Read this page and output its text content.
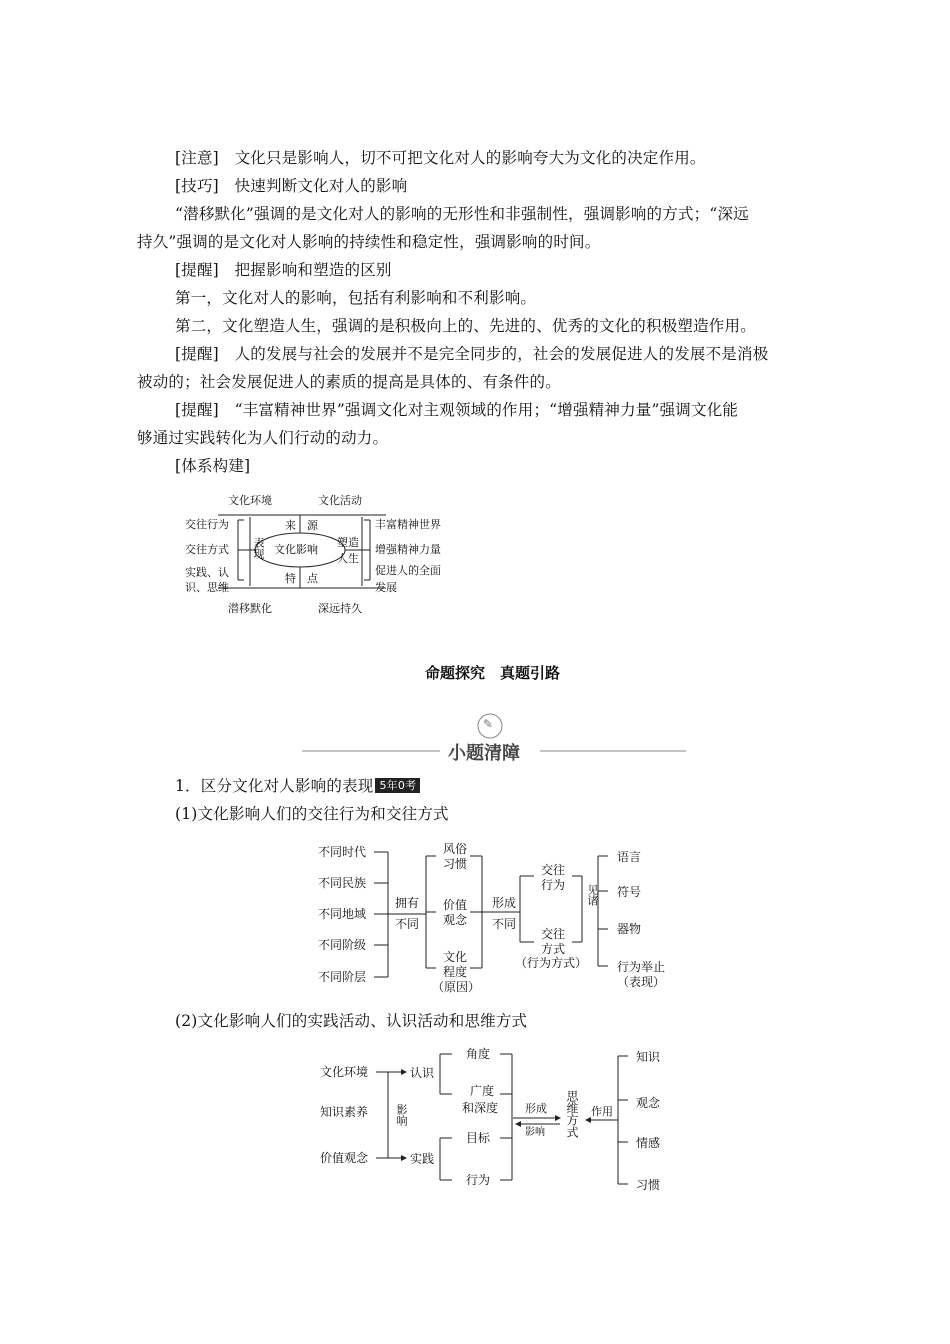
[注意]　 文化只是影响人，切不可把文化对人的影响夸大为文化的决定作用。
[技巧]　 快速判断文化对人的影响
“潜移默化”强调的是文化对人的影响的无形性和非强制性，强调影响的方式；“深远
持久”强调的是文化对人影响的持续性和稳定性，强调影响的时间。
[提醒]　 把握影响和塑造的区别
第一，文化对人的影响，包括有利影响和不利影响。
第二，文化塑造人生，强调的是积极向上的、先进的、优秀的文化的积极塑造作用。
[提醒]　 人的发展与社会的发展并不是完全同步的，社会的发展促进人的发展不是消极
被动的；社会发展促进人的素质的提高是具体的、有条件的。
[提醒]　 “丰富精神世界”强调文化对主观领域的作用；“增强精神力量”强调文化能
够通过实践转化为人们行动的动力。
[体系构建]
文化环境	文化活动
来 源
文化影响
表现	塑造
人生
交往行为
交往方式
实践、认
识、思维
丰富精神世界
增强精神力量
促进人的全面
发展
特 点
潜移默化	深远持久
命题探究　真题引路
✎
小题清障
1．区分文化对人影响的表现 5年0考
(1)文化影响人们的交往行为和交往方式
不同时代
不同民族
不同地域
不同阶级
不同阶层
拥有
不同
风俗
习惯
价值
观念
文化
程度
（原因）
形成
不同
交往
行为
交往
方式
（行为方式）
见诸
语言
符号
器物
行为举止
（表现）
(2)文化影响人们的实践活动、认识活动和思维方式
文化环境
知识素养
价值观念
影响
认识
实践
角度
广度
和深度
目标
行为
形成
影响 思维方式 作用
知识
观念
情感
习惯
